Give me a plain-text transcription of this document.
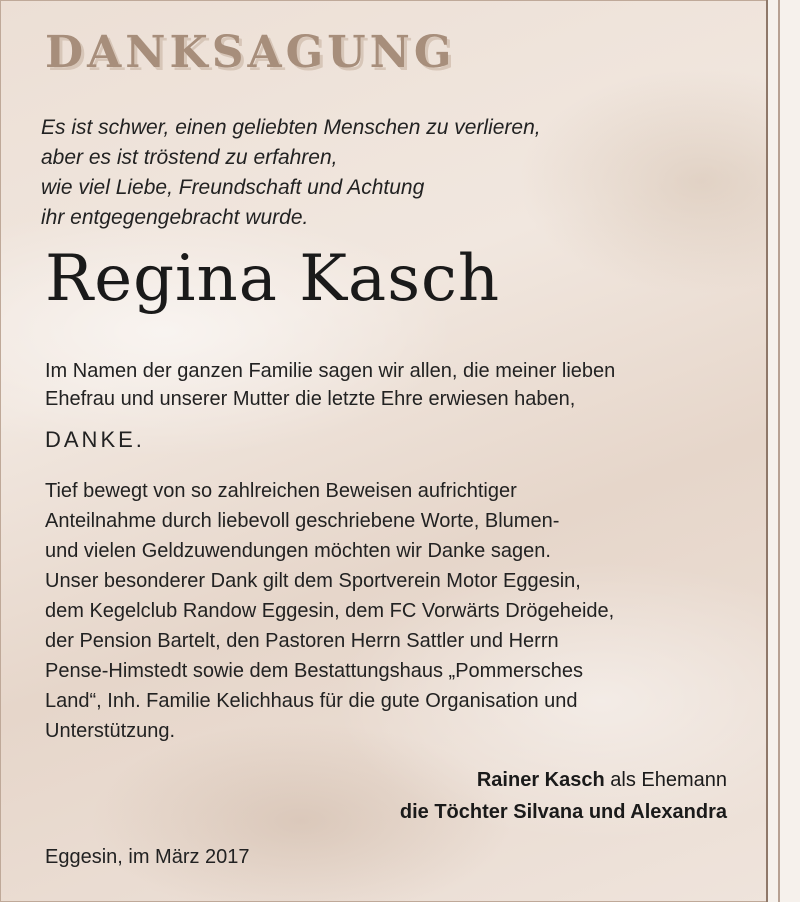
DANKSAGUNG
Es ist schwer, einen geliebten Menschen zu verlieren,
aber es ist tröstend zu erfahren,
wie viel Liebe, Freundschaft und Achtung
ihr entgegengebracht wurde.
Regina Kasch
Im Namen der ganzen Familie sagen wir allen, die meiner lieben
Ehefrau und unserer Mutter die letzte Ehre erwiesen haben,
DANKE.
Tief bewegt von so zahlreichen Beweisen aufrichtiger
Anteilnahme durch liebevoll geschriebene Worte, Blumen-
und vielen Geldzuwendungen möchten wir Danke sagen.
Unser besonderer Dank gilt dem Sportverein Motor Eggesin,
dem Kegelclub Randow Eggesin, dem FC Vorwärts Drögeheide,
der Pension Bartelt, den Pastoren Herrn Sattler und Herrn
Pense-Himstedt sowie dem Bestattungshaus „Pommersches
Land“, Inh. Familie Kelichhaus für die gute Organisation und
Unterstützung.
Rainer Kasch als Ehemann
die Töchter Silvana und Alexandra
Eggesin, im März 2017
